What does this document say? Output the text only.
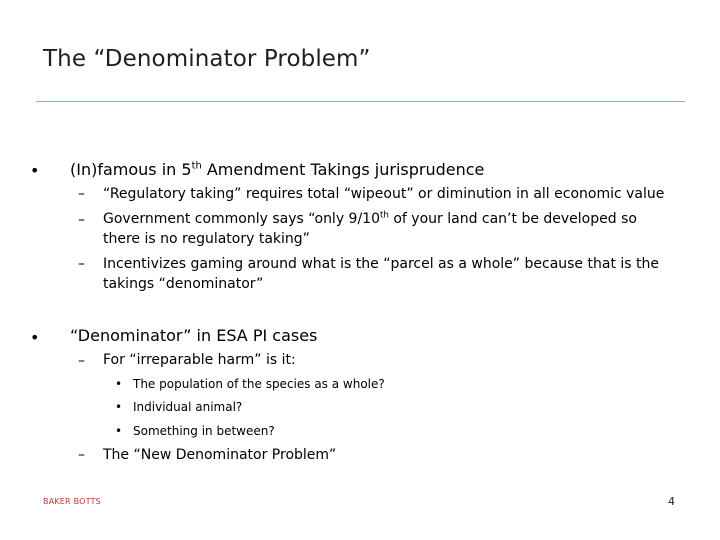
The “Denominator Problem”
• (In)famous in 5th Amendment Takings jurisprudence
– “Regulatory taking” requires total “wipeout” or diminution in all economic value
– Government commonly says “only 9/10th of your land can’t be developed so
there is no regulatory taking”
– Incentivizes gaming around what is the “parcel as a whole” because that is the
takings “denominator”
• “Denominator” in ESA PI cases
– For “irreparable harm” is it:
• The population of the species as a whole?
• Individual animal?
• Something in between?
– The “New Denominator Problem”
BAKER BOTTS	4
